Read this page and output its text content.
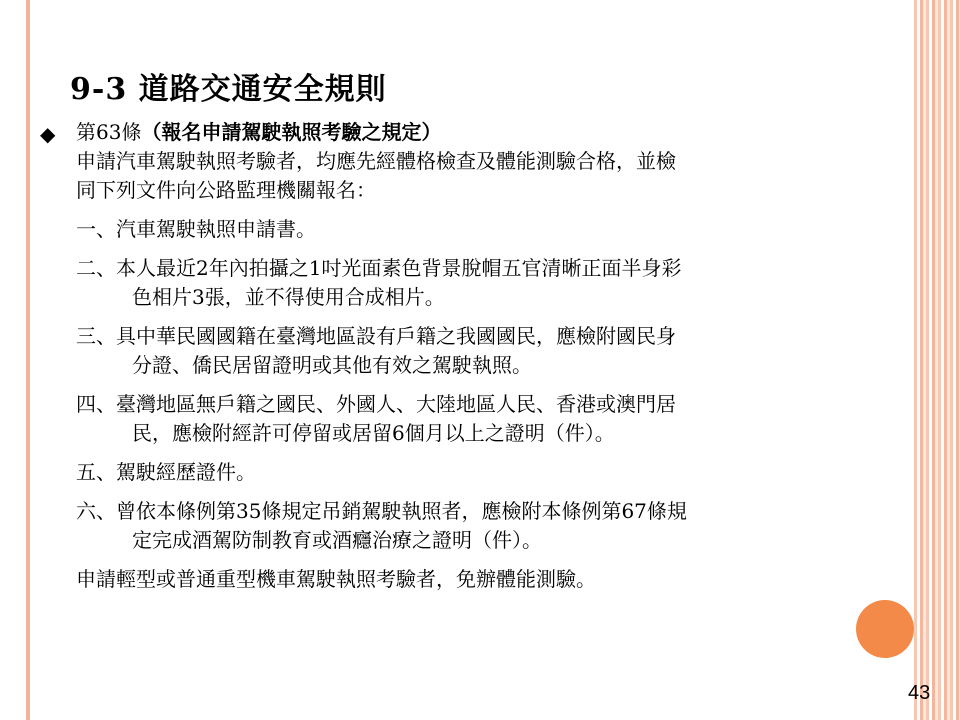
9-3 道路交通安全規則
◆ 第63條（報名申請駕駛執照考驗之規定）
申請汽車駕駛執照考驗者，均應先經體格檢查及體能測驗合格，並檢
同下列文件向公路監理機關報名：
一、汽車駕駛執照申請書。
二、本人最近2年內拍攝之1吋光面素色背景脫帽五官清晰正面半身彩
色相片3張，並不得使用合成相片。
三、具中華民國國籍在臺灣地區設有戶籍之我國國民，應檢附國民身
分證、僑民居留證明或其他有效之駕駛執照。
四、臺灣地區無戶籍之國民、外國人、大陸地區人民、香港或澳門居
民，應檢附經許可停留或居留6個月以上之證明（件）。
五、駕駛經歷證件。
六、曾依本條例第35條規定吊銷駕駛執照者，應檢附本條例第67條規
定完成酒駕防制教育或酒癮治療之證明（件）。
申請輕型或普通重型機車駕駛執照考驗者，免辦體能測驗。
43
